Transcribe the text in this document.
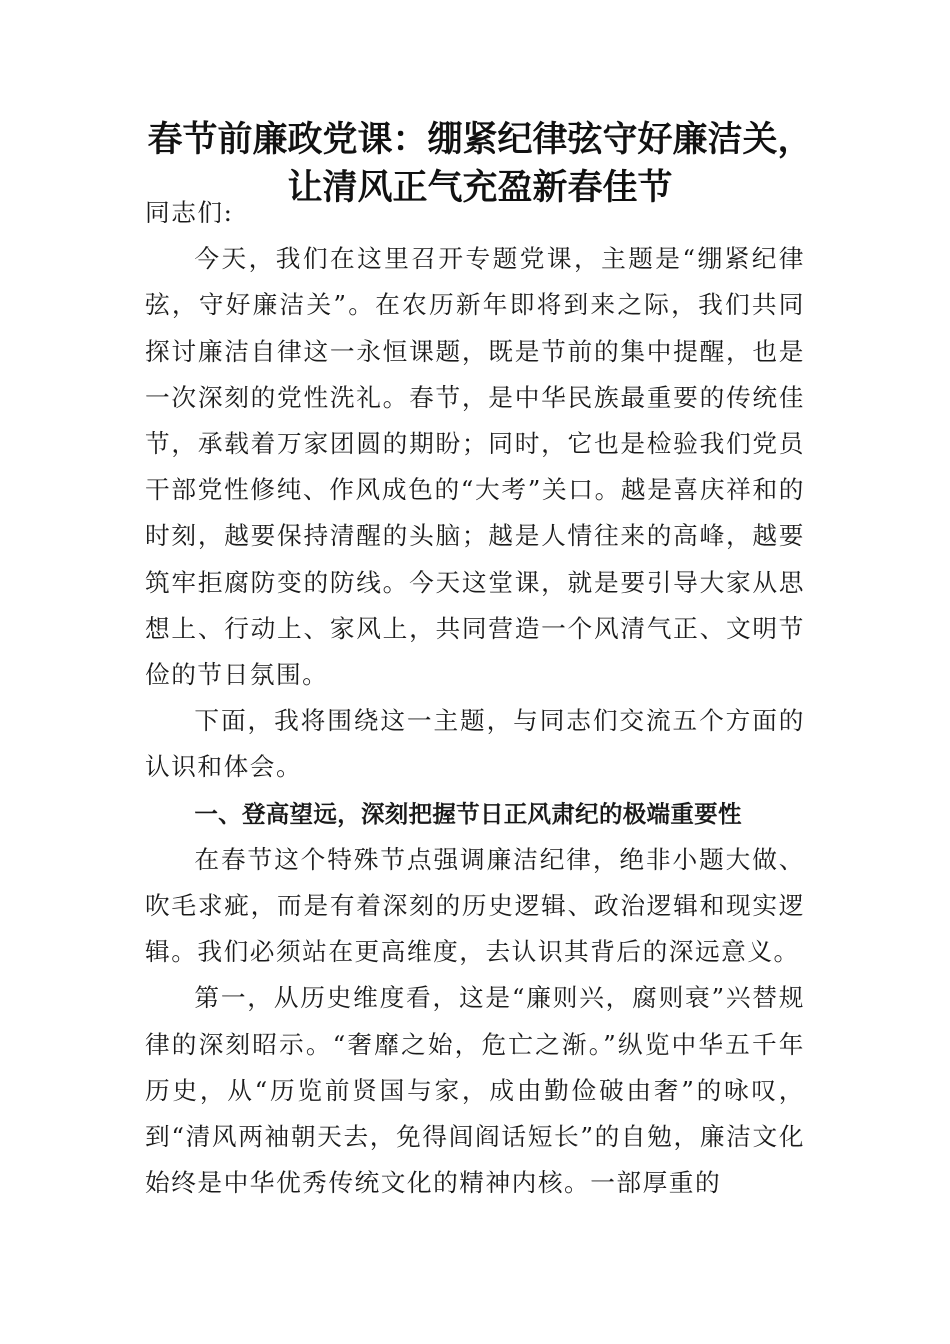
春节前廉政党课：绷紧纪律弦守好廉洁关，
让清风正气充盈新春佳节

同志们:

今天，我们在这里召开专题党课，主题是“绷紧纪律弦，守好廉洁关”。在农历新年即将到来之际，我们共同探讨廉洁自律这一永恒课题，既是节前的集中提醒，也是一次深刻的党性洗礼。春节，是中华民族最重要的传统佳节，承载着万家团圆的期盼；同时，它也是检验我们党员干部党性修纯、作风成色的“大考”关口。越是喜庆祥和的时刻，越要保持清醒的头脑；越是人情往来的高峰，越要筑牢拒腐防变的防线。今天这堂课，就是要引导大家从思想上、行动上、家风上，共同营造一个风清气正、文明节俭的节日氛围。

下面，我将围绕这一主题，与同志们交流五个方面的认识和体会。

一、登高望远，深刻把握节日正风肃纪的极端重要性

在春节这个特殊节点强调廉洁纪律，绝非小题大做、吹毛求疵，而是有着深刻的历史逻辑、政治逻辑和现实逻辑。我们必须站在更高维度，去认识其背后的深远意义。

第一，从历史维度看，这是“廉则兴，腐则衰”兴替规律的深刻昭示。“奢靡之始，危亡之渐。”纵览中华五千年历史，从“历览前贤国与家，成由勤俭破由奢”的咏叹，到“清风两袖朝天去，免得闾阎话短长”的自勉，廉洁文化始终是中华优秀传统文化的精神内核。一部厚重的
